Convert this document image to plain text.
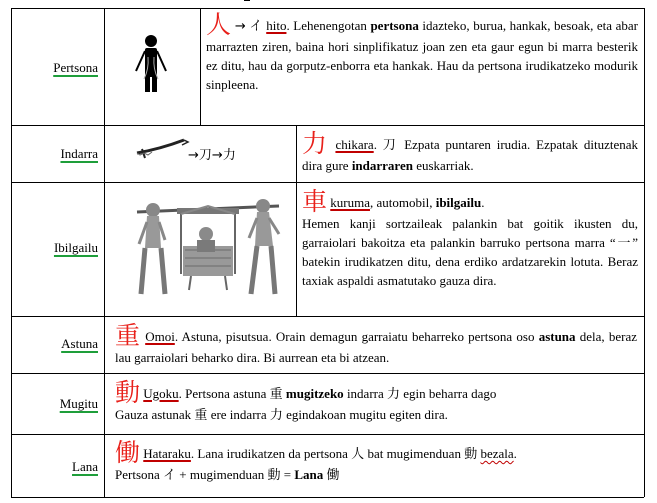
Pertsona
人 → イ hito. Lehenengotan pertsona idazteko, burua, hankak, besoak, eta abar marrazten ziren, baina hori sinplifikatuz joan zen eta gaur egun bi marra besterik ez ditu, hau da gorputz-enborra eta hankak. Hau da pertsona irudikatzeko modurik sinpleena.
Indarra	→刀→力	力 chikara. 刀 Ezpata puntaren irudia. Ezpatak dituztenak dira gure indarraren euskarriak.
Ibilgailu
車 kuruma, automobil, ibilgailu.
Hemen kanji sortzaileak palankin bat goitik ikusten du, garraiolari bakoitza eta palankin barruko pertsona marra “一” batekin irudikatzen ditu, dena erdiko ardatzarekin lotuta. Beraz taxiak aspaldi asmatutako gauza dira.
Astuna 重 Omoi. Astuna, pisutsua. Orain demagun garraiatu beharreko pertsona oso astuna dela, beraz lau garraiolari beharko dira. Bi aurrean eta bi atzean.
Mugitu 動 Ugoku. Pertsona astuna 重 mugitzeko indarra 力 egin beharra dago
Gauza astunak 重 ere indarra 力 egindakoan mugitu egiten dira.
Lana 働 Hataraku. Lana irudikatzen da pertsona 人 bat mugimenduan 動 bezala.
Pertsona イ + mugimenduan 動 = Lana 働
